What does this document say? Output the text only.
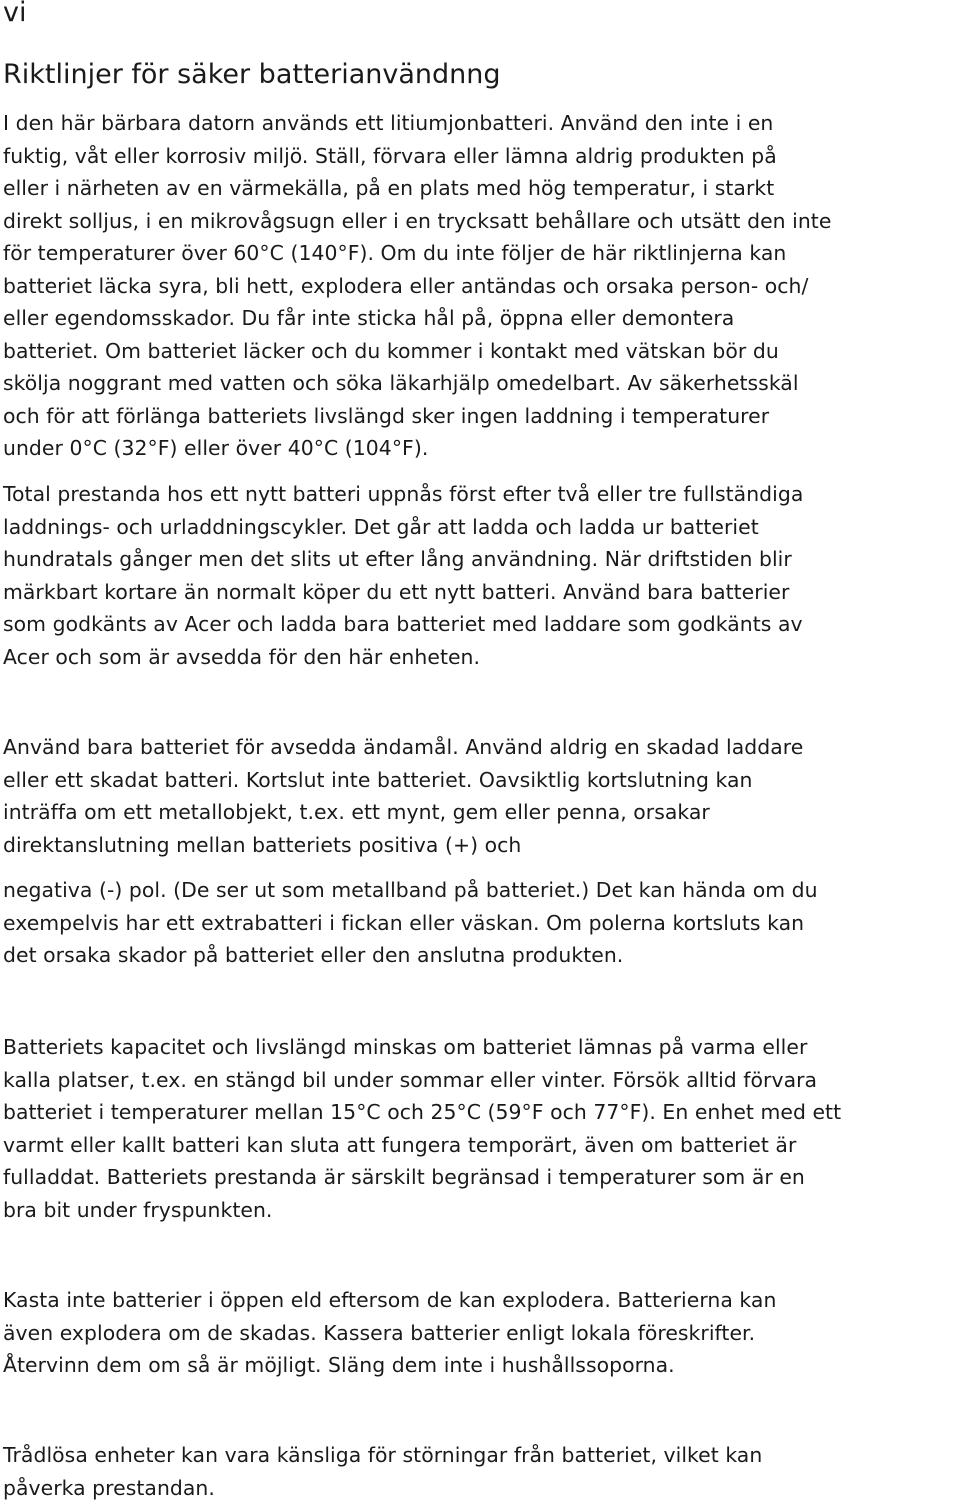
vi
Riktlinjer för säker batterianvändnng

I den här bärbara datorn används ett litiumjonbatteri. Använd den inte i en
fuktig, våt eller korrosiv miljö. Ställ, förvara eller lämna aldrig produkten på
eller i närheten av en värmekälla, på en plats med hög temperatur, i starkt
direkt solljus, i en mikrovågsugn eller i en trycksatt behållare och utsätt den inte
för temperaturer över 60°C (140°F). Om du inte följer de här riktlinjerna kan
batteriet läcka syra, bli hett, explodera eller antändas och orsaka person- och/
eller egendomsskador. Du får inte sticka hål på, öppna eller demontera
batteriet. Om batteriet läcker och du kommer i kontakt med vätskan bör du
skölja noggrant med vatten och söka läkarhjälp omedelbart. Av säkerhetsskäl
och för att förlänga batteriets livslängd sker ingen laddning i temperaturer
under 0°C (32°F) eller över 40°C (104°F).

Total prestanda hos ett nytt batteri uppnås först efter två eller tre fullständiga
laddnings- och urladdningscykler. Det går att ladda och ladda ur batteriet
hundratals gånger men det slits ut efter lång användning. När driftstiden blir
märkbart kortare än normalt köper du ett nytt batteri. Använd bara batterier
som godkänts av Acer och ladda bara batteriet med laddare som godkänts av
Acer och som är avsedda för den här enheten.

Använd bara batteriet för avsedda ändamål. Använd aldrig en skadad laddare
eller ett skadat batteri. Kortslut inte batteriet. Oavsiktlig kortslutning kan
inträffa om ett metallobjekt, t.ex. ett mynt, gem eller penna, orsakar
direktanslutning mellan batteriets positiva (+) och

negativa (-) pol. (De ser ut som metallband på batteriet.) Det kan hända om du
exempelvis har ett extrabatteri i fickan eller väskan. Om polerna kortsluts kan
det orsaka skador på batteriet eller den anslutna produkten.

Batteriets kapacitet och livslängd minskas om batteriet lämnas på varma eller
kalla platser, t.ex. en stängd bil under sommar eller vinter. Försök alltid förvara
batteriet i temperaturer mellan 15°C och 25°C (59°F och 77°F). En enhet med ett
varmt eller kallt batteri kan sluta att fungera temporärt, även om batteriet är
fulladdat. Batteriets prestanda är särskilt begränsad i temperaturer som är en
bra bit under fryspunkten.

Kasta inte batterier i öppen eld eftersom de kan explodera. Batterierna kan
även explodera om de skadas. Kassera batterier enligt lokala föreskrifter.
Återvinn dem om så är möjligt. Släng dem inte i hushållssoporna.

Trådlösa enheter kan vara känsliga för störningar från batteriet, vilket kan
påverka prestandan.
